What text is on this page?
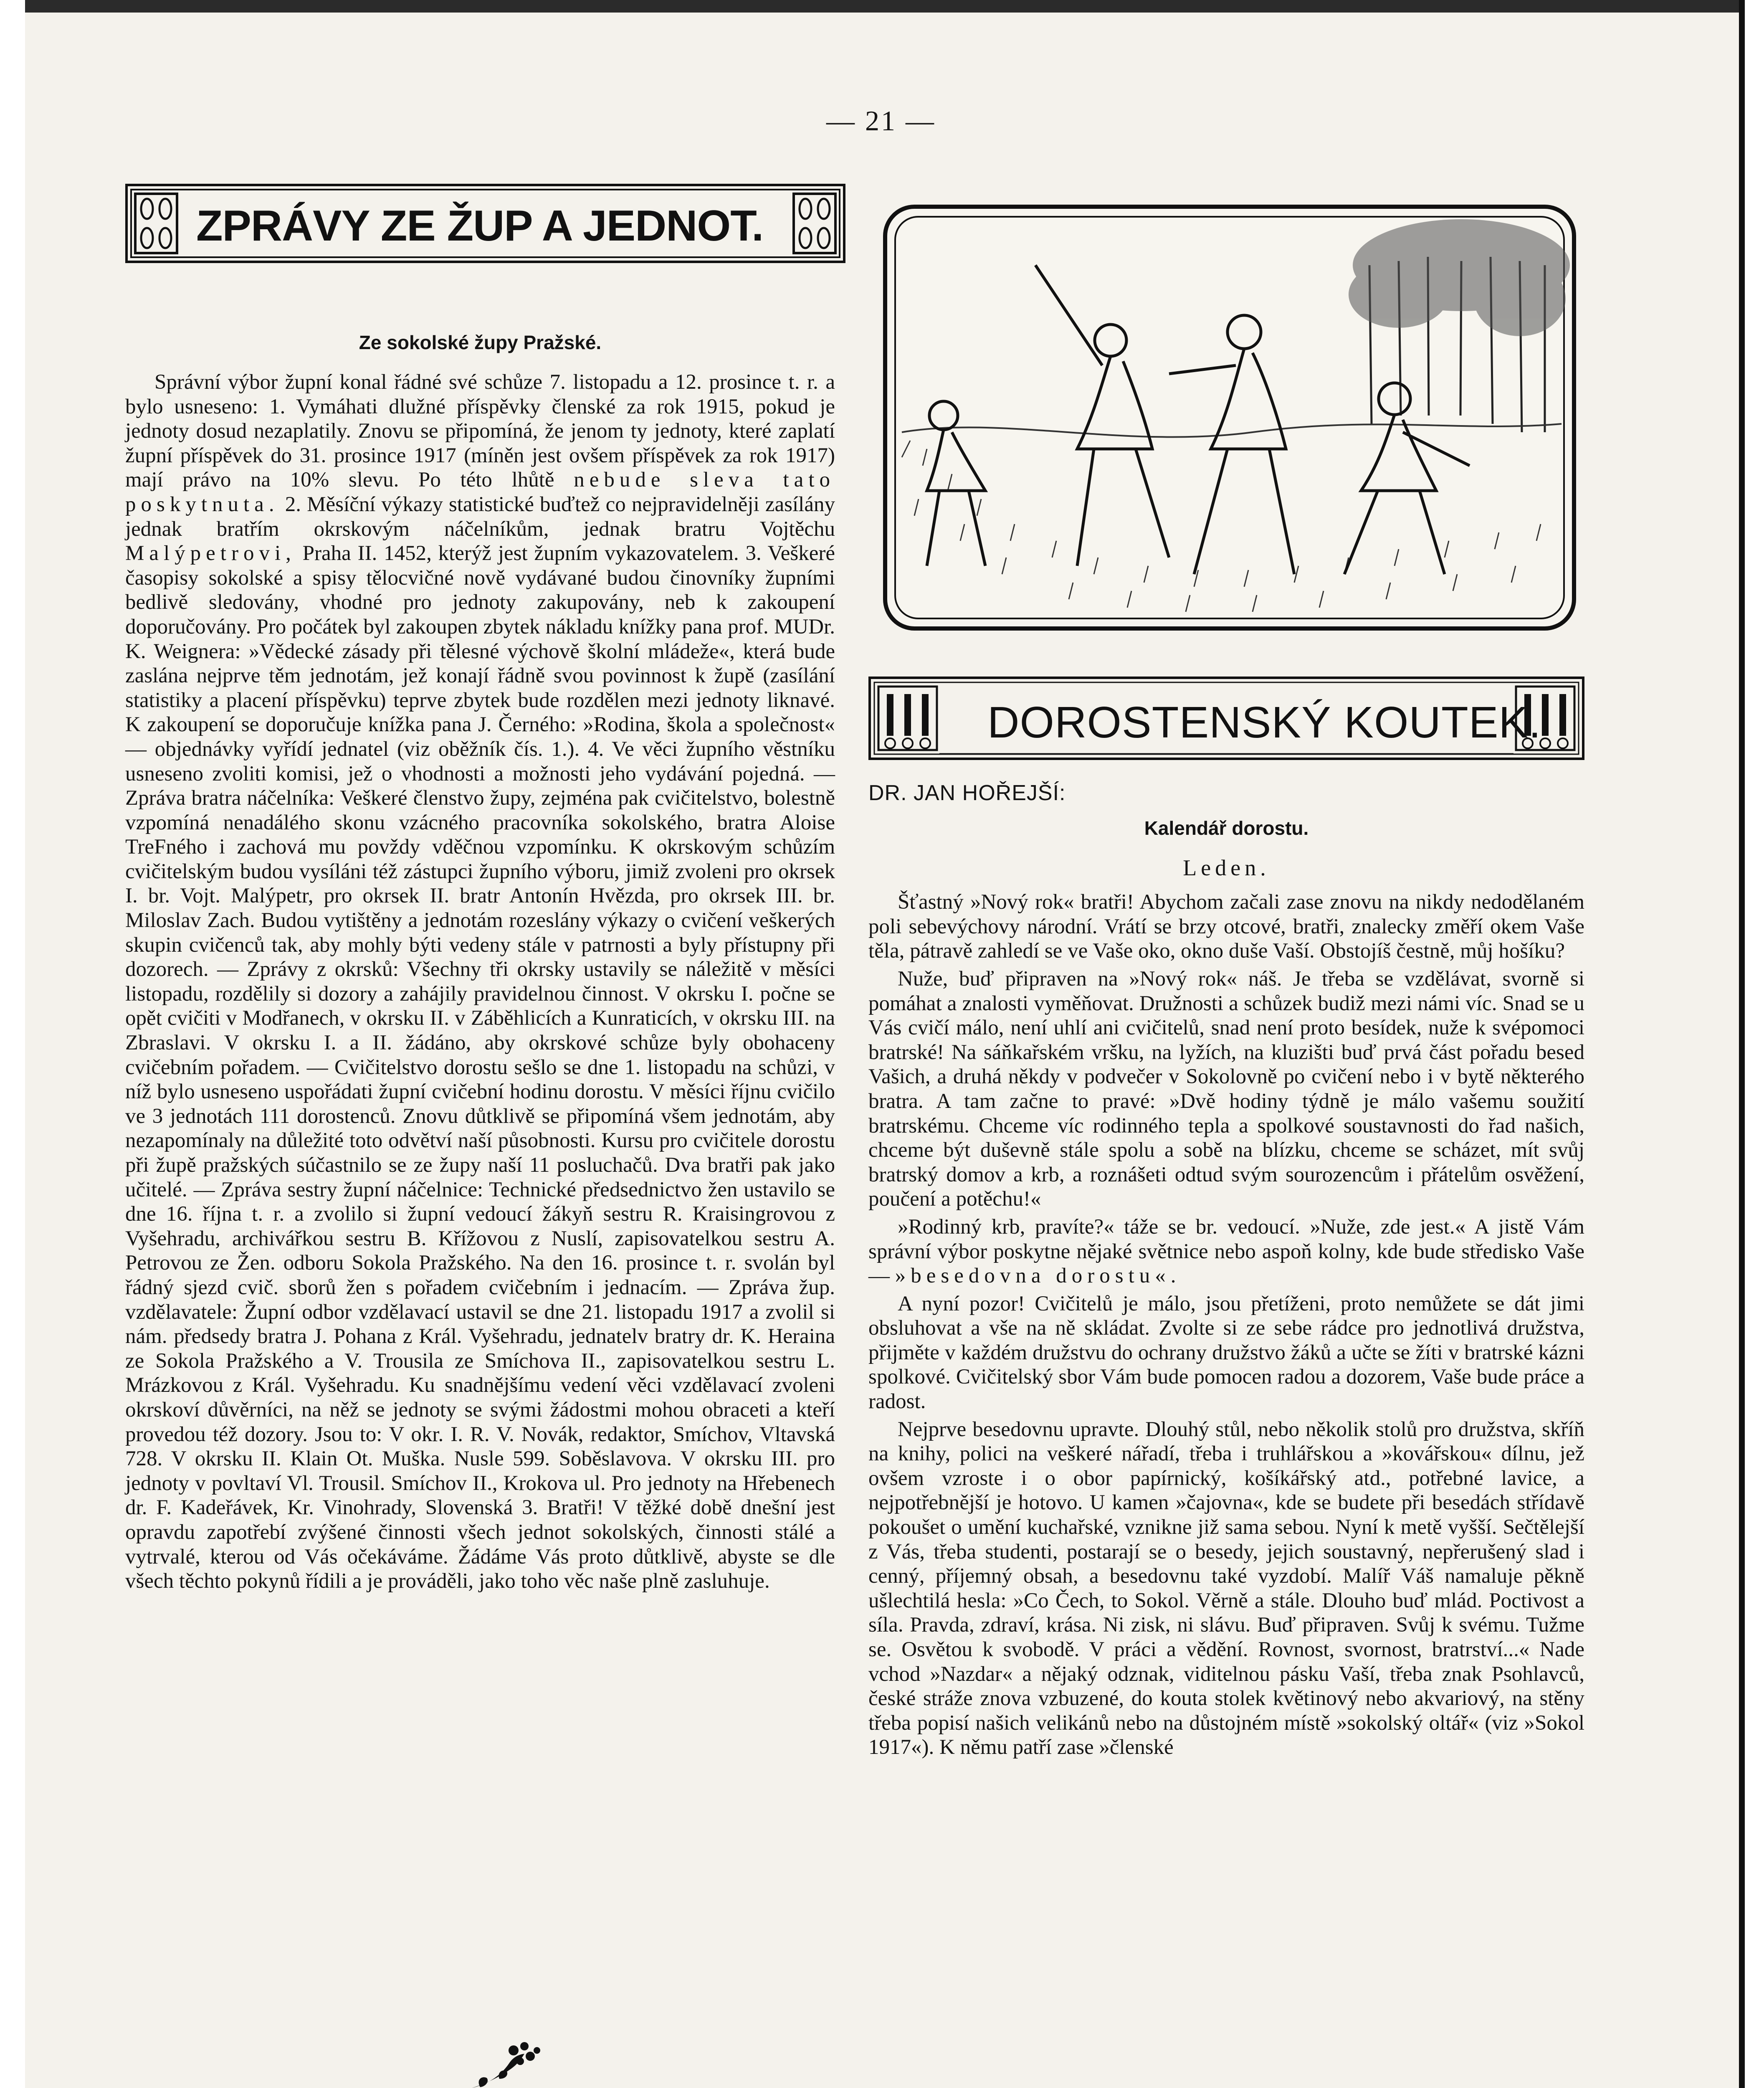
— 21 —
ZPRÁVY ZE ŽUP A JEDNOT.
Ze sokolské župy Pražské.

Správní výbor župní konal řádné své schůze 7. listopadu a 12. prosince t. r. a bylo usneseno: 1. Vymáhati dlužné příspěvky členské za rok 1915, pokud je jednoty dosud nezaplatily. Znovu se připomíná, že jenom ty jednoty, které zaplatí župní příspěvek do 31. prosince 1917 (míněn jest ovšem příspěvek za rok 1917) mají právo na 10% slevu. Po této lhůtě nebude sleva tato poskytnuta. 2. Měsíční výkazy statistické buďtež co nejpravidelněji zasílány jednak bratřím okrskovým náčelníkům, jednak bratru Vojtěchu Malýpetrovi, Praha II. 1452, kterýž jest župním vykazovatelem. 3. Veškeré časopisy sokolské a spisy tělocvičné nově vydávané budou činovníky župními bedlivě sledovány, vhodné pro jednoty zakupovány, neb k zakoupení doporučovány. Pro počátek byl zakoupen zbytek nákladu knížky pana prof. MUDr. K. Weignera: »Vědecké zásady při tělesné výchově školní mládeže«, která bude zaslána nejprve těm jednotám, jež konají řádně svou povinnost k župě (zasílání statistiky a placení příspěvku) teprve zbytek bude rozdělen mezi jednoty liknavé. K zakoupení se doporučuje knížka pana J. Černého: »Rodina, škola a společnost« — objednávky vyřídí jednatel (viz oběžník čís. 1.). 4. Ve věci župního věstníku usneseno zvoliti komisi, jež o vhodnosti a možnosti jeho vydávání pojedná. — Zpráva bratra náčelníka: Veškeré členstvo župy, zejména pak cvičitelstvo, bolestně vzpomíná nenadálého skonu vzácného pracovníka sokolského, bratra Aloise TreFného i zachová mu povždy vděčnou vzpomínku. K okrskovým schůzím cvičitelským budou vysíláni též zástupci župního výboru, jimiž zvoleni pro okrsek I. br. Vojt. Malýpetr, pro okrsek II. bratr Antonín Hvězda, pro okrsek III. br. Miloslav Zach. Budou vytištěny a jednotám rozeslány výkazy o cvičení veškerých skupin cvičenců tak, aby mohly býti vedeny stále v patrnosti a byly přístupny při dozorech. — Zprávy z okrsků: Všechny tři okrsky ustavily se náležitě v měsíci listopadu, rozdělily si dozory a zahájily pravidelnou činnost. V okrsku I. počne se opět cvičiti v Modřanech, v okrsku II. v Záběhlicích a Kunraticích, v okrsku III. na Zbraslavi. V okrsku I. a II. žádáno, aby okrskové schůze byly obohaceny cvičebním pořadem. — Cvičitelstvo dorostu sešlo se dne 1. listopadu na schůzi, v níž bylo usneseno uspořádati župní cvičební hodinu dorostu. V měsíci říjnu cvičilo ve 3 jednotách 111 dorostenců. Znovu důtklivě se připomíná všem jednotám, aby nezapomínaly na důležité toto odvětví naší působnosti. Kursu pro cvičitele dorostu při župě pražských súčastnilo se ze župy naší 11 posluchačů. Dva bratři pak jako učitelé. — Zpráva sestry župní náčelnice: Technické předsednictvo žen ustavilo se dne 16. října t. r. a zvolilo si župní vedoucí žákyň sestru R. Kraisingrovou z Vyšehradu, archivářkou sestru B. Křížovou z Nuslí, zapisovatelkou sestru A. Petrovou ze Žen. odboru Sokola Pražského. Na den 16. prosince t. r. svolán byl řádný sjezd cvič. sborů žen s pořadem cvičebním i jednacím. — Zpráva žup. vzdělavatele: Župní odbor vzdělavací ustavil se dne 21. listopadu 1917 a zvolil si nám. předsedy bratra J. Pohana z Král. Vyšehradu, jednatelv bratry dr. K. Heraina ze Sokola Pražského a V. Trousila ze Smíchova II., zapisovatelkou sestru L. Mrázkovou z Král. Vyšehradu. Ku snadnějšímu vedení věci vzdělavací zvoleni okrskoví důvěrníci, na něž se jednoty se svými žádostmi mohou obraceti a kteří provedou též dozory. Jsou to: V okr. I. R. V. Novák, redaktor, Smíchov, Vltavská 728. V okrsku II. Klain Ot. Muška. Nusle 599. Soběslavova. V okrsku III. pro jednoty v povltaví Vl. Trousil. Smíchov II., Krokova ul. Pro jednoty na Hřebenech dr. F. Kadeřávek, Kr. Vinohrady, Slovenská 3. Bratři! V těžké době dnešní jest opravdu zapotřebí zvýšené činnosti všech jednot sokolských, činnosti stálé a vytrvalé, kterou od Vás očekáváme. Žádáme Vás proto důtklivě, abyste se dle všech těchto pokynů řídili a je prováděli, jako toho věc naše plně zasluhuje.

DOROSTENSKÝ KOUTEK.
DR. JAN HOŘEJŠÍ:
Kalendář dorostu.
Leden.

Šťastný »Nový rok« bratři! Abychom začali zase znovu na nikdy nedodělaném poli sebevýchovy národní. Vrátí se brzy otcové, bratři, znalecky změří okem Vaše těla, pátravě zahledí se ve Vaše oko, okno duše Vaší. Obstojíš čestně, můj hošíku?

Nuže, buď připraven na »Nový rok« náš. Je třeba se vzdělávat, svorně si pomáhat a znalosti vyměňovat. Družnosti a schůzek budiž mezi námi víc. Snad se u Vás cvičí málo, není uhlí ani cvičitelů, snad není proto besídek, nuže k svépomoci bratrské! Na sáňkařském vršku, na lyžích, na kluzišti buď prvá část pořadu besed Vašich, a druhá někdy v podvečer v Sokolovně po cvičení nebo i v bytě některého bratra. A tam začne to pravé: »Dvě hodiny týdně je málo vašemu soužití bratrskému. Chceme víc rodinného tepla a spolkové soustavnosti do řad našich, chceme být duševně stále spolu a sobě na blízku, chceme se scházet, mít svůj bratrský domov a krb, a roznášeti odtud svým sourozencům i přátelům osvěžení, poučení a potěchu!«

»Rodinný krb, pravíte?« táže se br. vedoucí. »Nuže, zde jest.« A jistě Vám správní výbor poskytne nějaké světnice nebo aspoň kolny, kde bude středisko Vaše — »besedovna dorostu«.

A nyní pozor! Cvičitelů je málo, jsou přetíženi, proto nemůžete se dát jimi obsluhovat a vše na ně skládat. Zvolte si ze sebe rádce pro jednotlivá družstva, přijměte v každém družstvu do ochrany družstvo žáků a učte se žíti v bratrské kázni spolkové. Cvičitelský sbor Vám bude pomocen radou a dozorem, Vaše bude práce a radost.

Nejprve besedovnu upravte. Dlouhý stůl, nebo několik stolů pro družstva, skříň na knihy, polici na veškeré nářadí, třeba i truhlářskou a »kovářskou« dílnu, jež ovšem vzroste i o obor papírnický, košíkářský atd., potřebné lavice, a nejpotřebnější je hotovo. U kamen »čajovna«, kde se budete při besedách střídavě pokoušet o umění kuchařské, vznikne již sama sebou. Nyní k metě vyšší. Sečtělejší z Vás, třeba studenti, postarají se o besedy, jejich soustavný, nepřerušený slad i cenný, příjemný obsah, a besedovnu také vyzdobí. Malíř Váš namaluje pěkně ušlechtilá hesla: »Co Čech, to Sokol. Věrně a stále. Dlouho buď mlád. Poctivost a síla. Pravda, zdraví, krása. Ni zisk, ni slávu. Buď připraven. Svůj k svému. Tužme se. Osvětou k svobodě. V práci a vědění. Rovnost, svornost, bratrství...« Nade vchod »Nazdar« a nějaký odznak, viditelnou pásku Vaší, třeba znak Psohlavců, české stráže znova vzbuzené, do kouta stolek květinový nebo akvariový, na stěny třeba popisí našich velikánů nebo na důstojném místě »sokolský oltář« (viz »Sokol 1917«). K němu patří zase »členské
